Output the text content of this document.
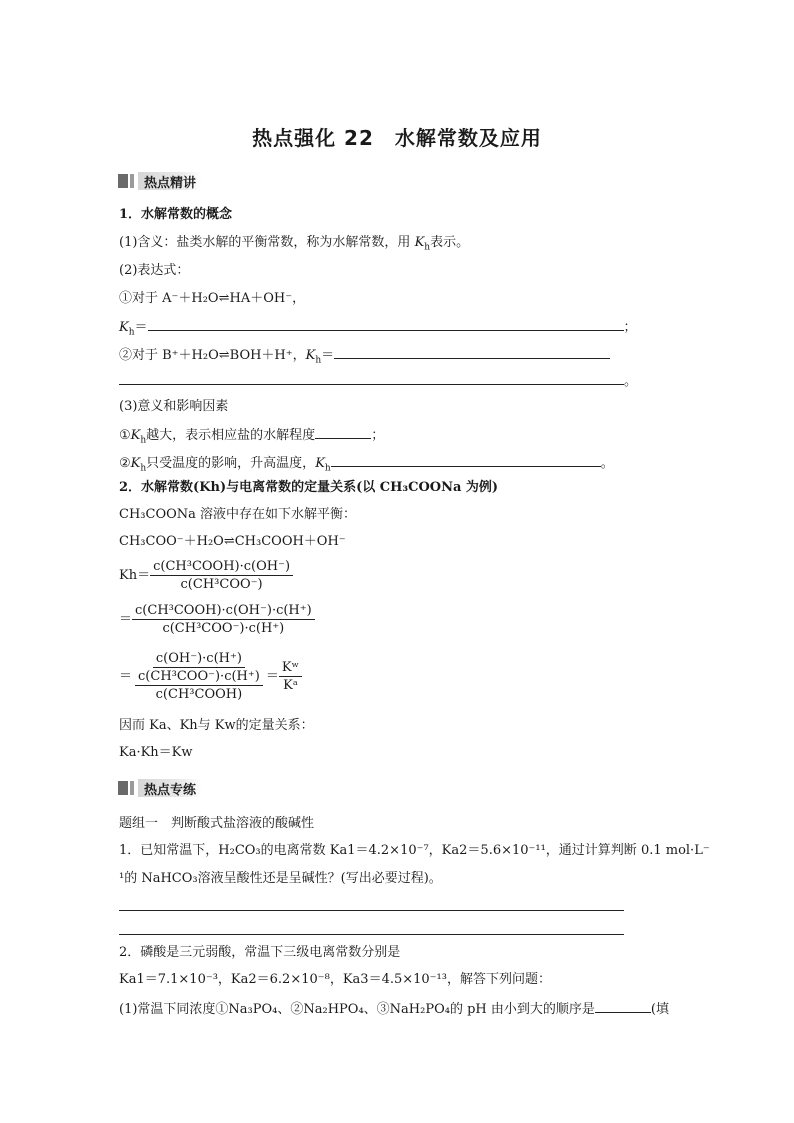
热点强化 22　水解常数及应用
热点精讲
1．水解常数的概念
(1)含义：盐类水解的平衡常数，称为水解常数，用 $K_h$表示。
(2)表达式：
①对于 A⁻＋H₂O⇌HA＋OH⁻，
$K_h=$	；
②对于 B⁺＋H₂O⇌BOH＋H⁺，$K_h=$
。
(3)意义和影响因素
$①K_h$越大，表示相应盐的水解程度	；
$②K_h$只受温度的影响，升高温度，$K_h$	。
2．水解常数(Kh)与电离常数的定量关系(以 CH₃COONa 为例)
CH₃COONa 溶液中存在如下水解平衡：
CH₃COO⁻＋H₂O⇌CH₃COOH＋OH⁻
$Kh= \frac{\text{c(CH³COOH)·c(OH⁻)}}{\text{c(CH³COO⁻)}}$
＝ $\frac{\text{c(CH³COOH)·c(OH⁻)·c(H⁺)}}{\text{c(CH³COO⁻)·c(H⁺)}}$
＝ $\frac{c(OH^-)\cdot c(H^+)}{\frac{\text{c(CH³COO⁻)·c(H⁺)}}{\text{c(CH³COOH)}}} = \frac{\text{Kʷ}}{\text{Kᵃ}}$
因而 Ka、Kh与 Kw的定量关系：
Ka·Kh＝Kw
热点专练
题组一　判断酸式盐溶液的酸碱性
1．已知常温下，H₂CO₃的电离常数 Ka1＝4.2×10⁻⁷，Ka2＝5.6×10⁻¹¹，通过计算判断 0.1 mol·L⁻
¹的 NaHCO₃溶液呈酸性还是呈碱性？(写出必要过程)。
2．磷酸是三元弱酸，常温下三级电离常数分别是
Ka1＝7.1×10⁻³，Ka2＝6.2×10⁻⁸，Ka3＝4.5×10⁻¹³，解答下列问题：
(1)常温下同浓度①Na₃PO₄、②Na₂HPO₄、③NaH₂PO₄的 pH 由小到大的顺序是	(填
